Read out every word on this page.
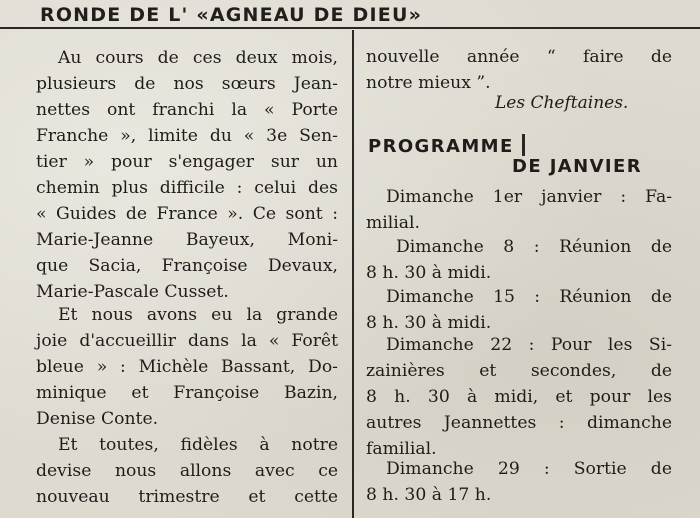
RONDE DE L' «AGNEAU DE DIEU»
Au cours de ces deux mois,
plusieurs de nos sœurs Jean-
nettes ont franchi la « Porte
Franche », limite du « 3e Sen-
tier » pour s'engager sur un
chemin plus difficile : celui des
« Guides de France ». Ce sont :
Marie-Jeanne Bayeux, Moni-
que Sacia, Françoise Devaux,
Marie-Pascale Cusset.
Et nous avons eu la grande
joie d'accueillir dans la « Forêt
bleue » : Michèle Bassant, Do-
minique et Françoise Bazin,
Denise Conte.
Et toutes, fidèles à notre
devise nous allons avec ce
nouveau trimestre et cette
nouvelle année “ faire de
notre mieux ”.
Les Cheftaines.
PROGRAMME
DE JANVIER
Dimanche 1er janvier : Fa-
milial.
Dimanche 8 : Réunion de
8 h. 30 à midi.
Dimanche 15 : Réunion de
8 h. 30 à midi.
Dimanche 22 : Pour les Si-
zainières et secondes, de
8 h. 30 à midi, et pour les
autres Jeannettes : dimanche
familial.
Dimanche 29 : Sortie de
8 h. 30 à 17 h.
